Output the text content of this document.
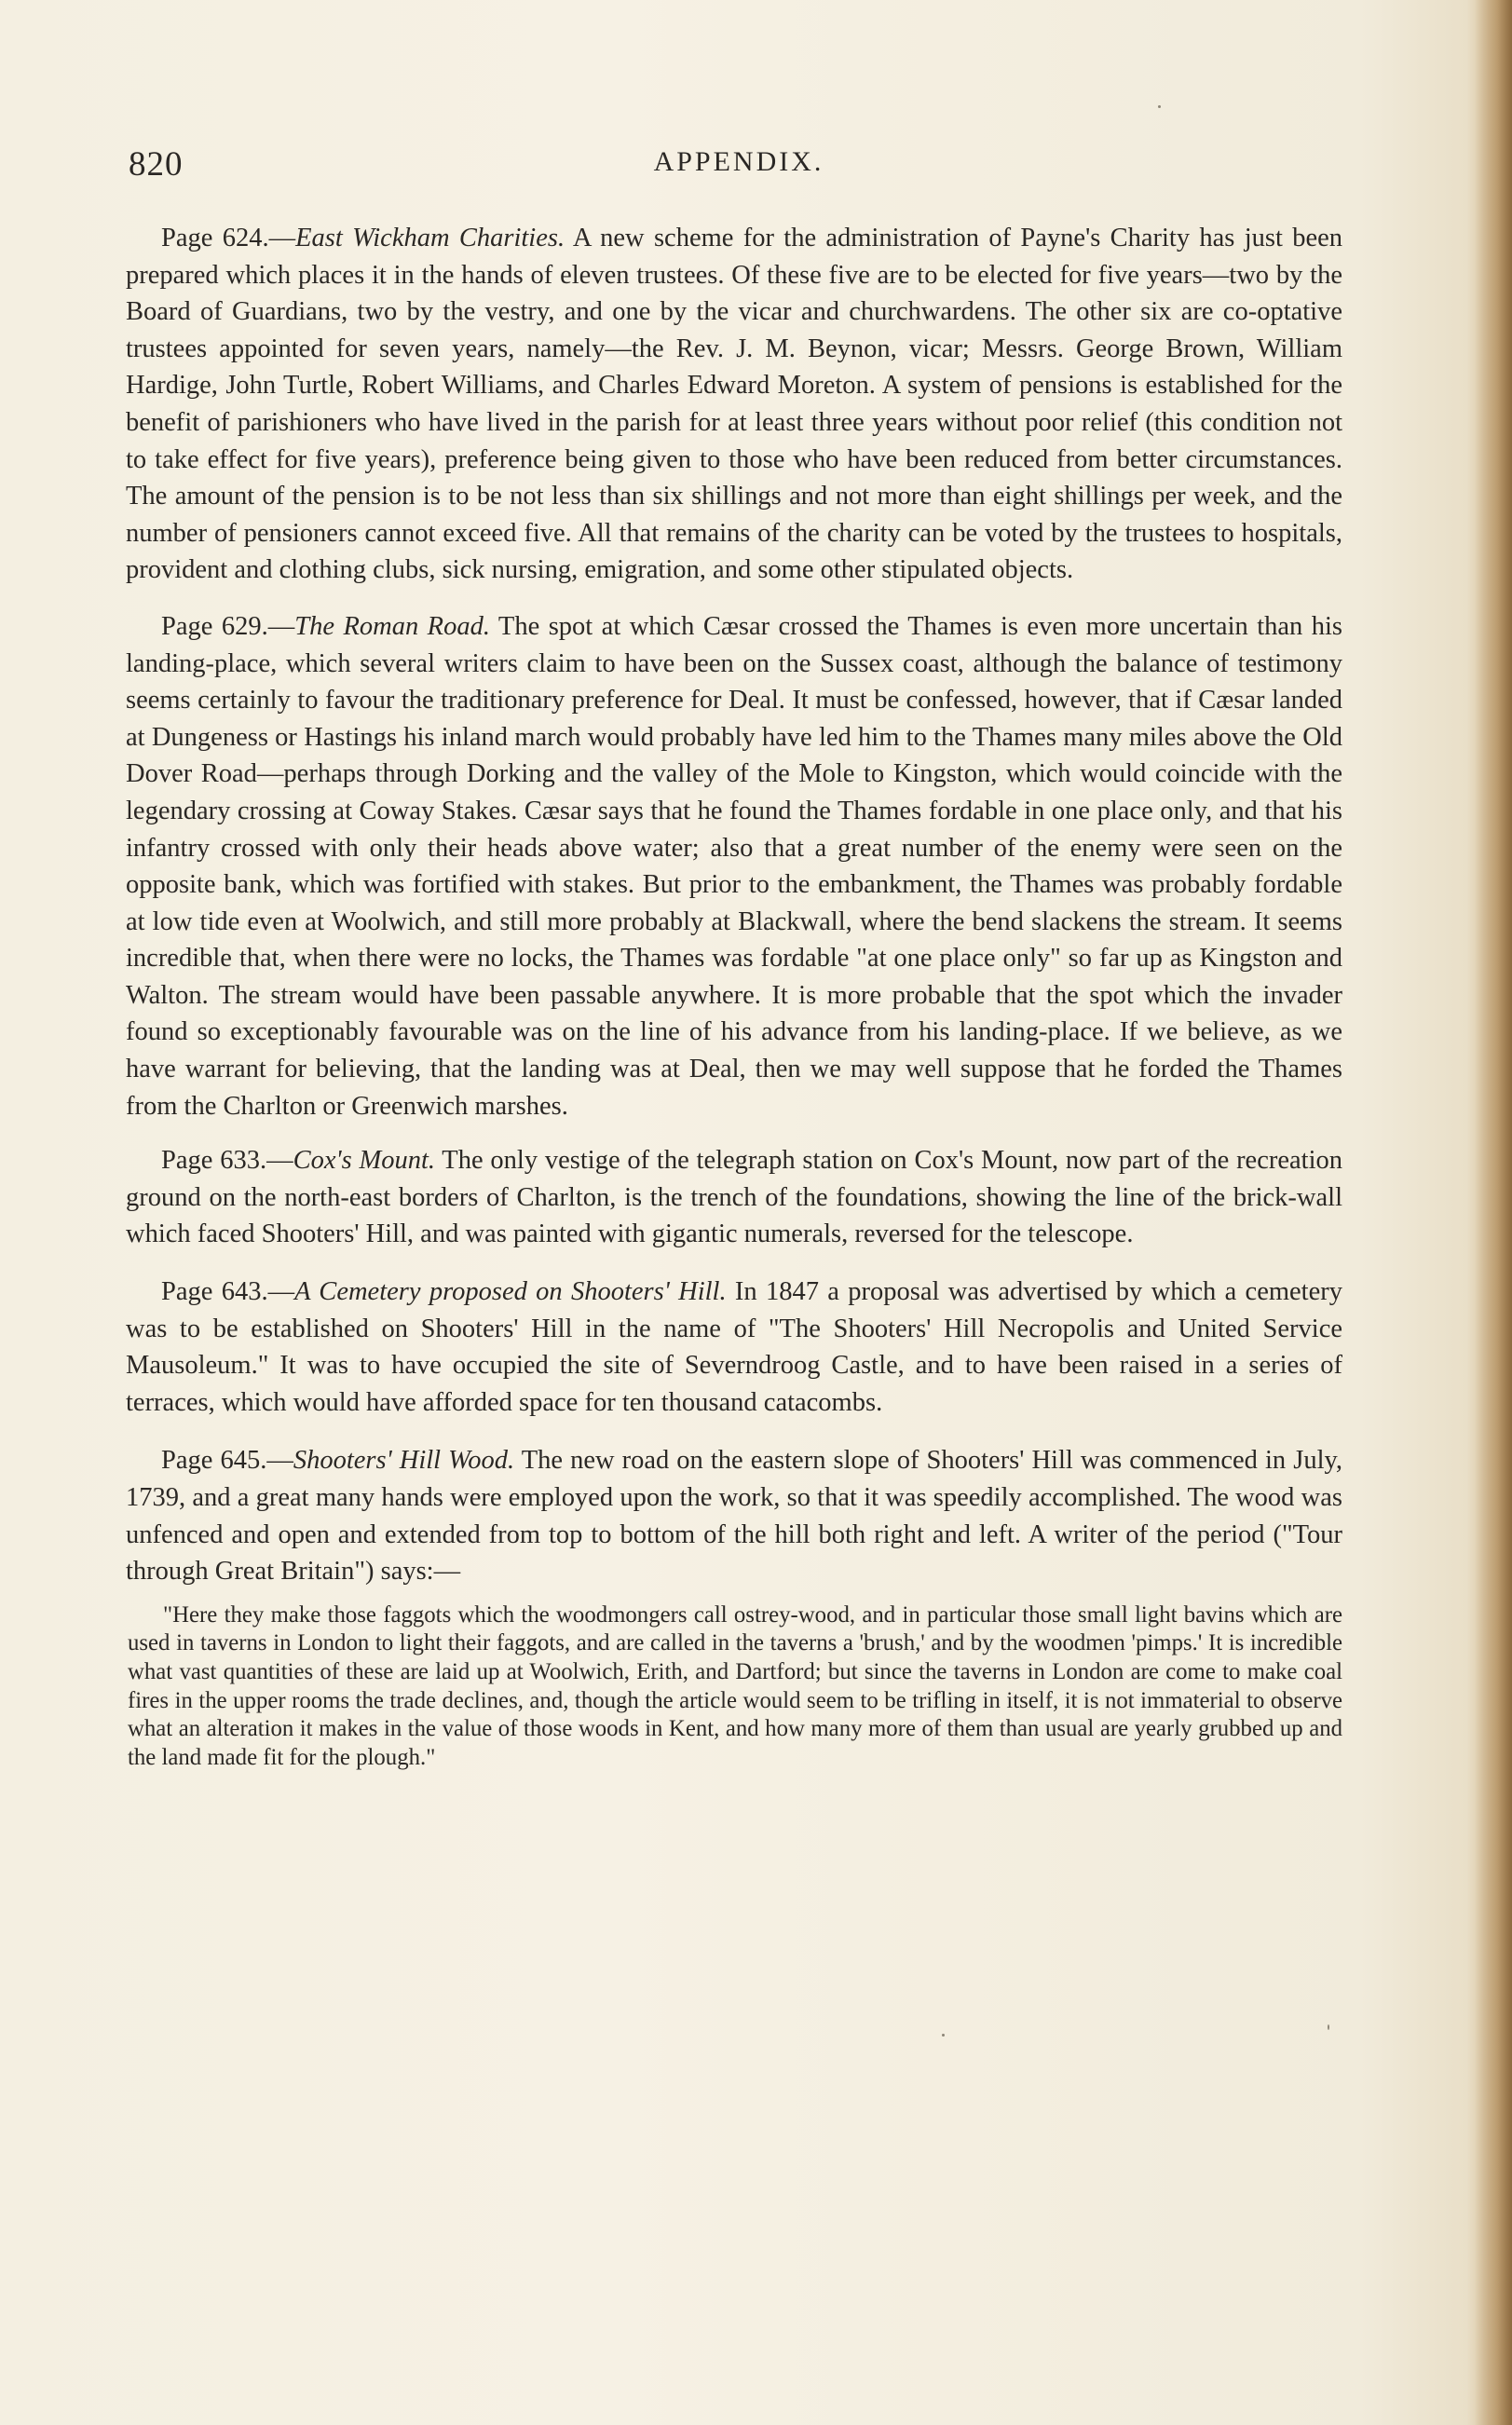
820	APPENDIX.

Page 624.—East Wickham Charities. A new scheme for the administration of Payne's Charity has just been prepared which places it in the hands of eleven trustees. Of these five are to be elected for five years—two by the Board of Guardians, two by the vestry, and one by the vicar and churchwardens. The other six are co-optative trustees appointed for seven years, namely—the Rev. J. M. Beynon, vicar; Messrs. George Brown, William Hardige, John Turtle, Robert Williams, and Charles Edward Moreton. A system of pensions is established for the benefit of parishioners who have lived in the parish for at least three years without poor relief (this condition not to take effect for five years), preference being given to those who have been reduced from better circumstances. The amount of the pension is to be not less than six shillings and not more than eight shillings per week, and the number of pensioners cannot exceed five. All that remains of the charity can be voted by the trustees to hospitals, provident and clothing clubs, sick nursing, emigration, and some other stipulated objects.

Page 629.—The Roman Road. The spot at which Cæsar crossed the Thames is even more uncertain than his landing-place, which several writers claim to have been on the Sussex coast, although the balance of testimony seems certainly to favour the traditionary preference for Deal. It must be confessed, however, that if Cæsar landed at Dungeness or Hastings his inland march would probably have led him to the Thames many miles above the Old Dover Road—perhaps through Dorking and the valley of the Mole to Kingston, which would coincide with the legendary crossing at Coway Stakes. Cæsar says that he found the Thames fordable in one place only, and that his infantry crossed with only their heads above water; also that a great number of the enemy were seen on the opposite bank, which was fortified with stakes. But prior to the embankment, the Thames was probably fordable at low tide even at Woolwich, and still more probably at Blackwall, where the bend slackens the stream. It seems incredible that, when there were no locks, the Thames was fordable "at one place only" so far up as Kingston and Walton. The stream would have been passable anywhere. It is more probable that the spot which the invader found so exceptionably favourable was on the line of his advance from his landing-place. If we believe, as we have warrant for believing, that the landing was at Deal, then we may well suppose that he forded the Thames from the Charlton or Greenwich marshes.

Page 633.—Cox's Mount. The only vestige of the telegraph station on Cox's Mount, now part of the recreation ground on the north-east borders of Charlton, is the trench of the foundations, showing the line of the brick-wall which faced Shooters' Hill, and was painted with gigantic numerals, reversed for the telescope.

Page 643.—A Cemetery proposed on Shooters' Hill. In 1847 a proposal was advertised by which a cemetery was to be established on Shooters' Hill in the name of "The Shooters' Hill Necropolis and United Service Mausoleum." It was to have occupied the site of Severndroog Castle, and to have been raised in a series of terraces, which would have afforded space for ten thousand catacombs.

Page 645.—Shooters' Hill Wood. The new road on the eastern slope of Shooters' Hill was commenced in July, 1739, and a great many hands were employed upon the work, so that it was speedily accomplished. The wood was unfenced and open and extended from top to bottom of the hill both right and left. A writer of the period ("Tour through Great Britain") says:—

"Here they make those faggots which the woodmongers call ostrey-wood, and in particular those small light bavins which are used in taverns in London to light their faggots, and are called in the taverns a 'brush,' and by the woodmen 'pimps.' It is incredible what vast quantities of these are laid up at Woolwich, Erith, and Dartford; but since the taverns in London are come to make coal fires in the upper rooms the trade declines, and, though the article would seem to be trifling in itself, it is not immaterial to observe what an alteration it makes in the value of those woods in Kent, and how many more of them than usual are yearly grubbed up and the land made fit for the plough."
